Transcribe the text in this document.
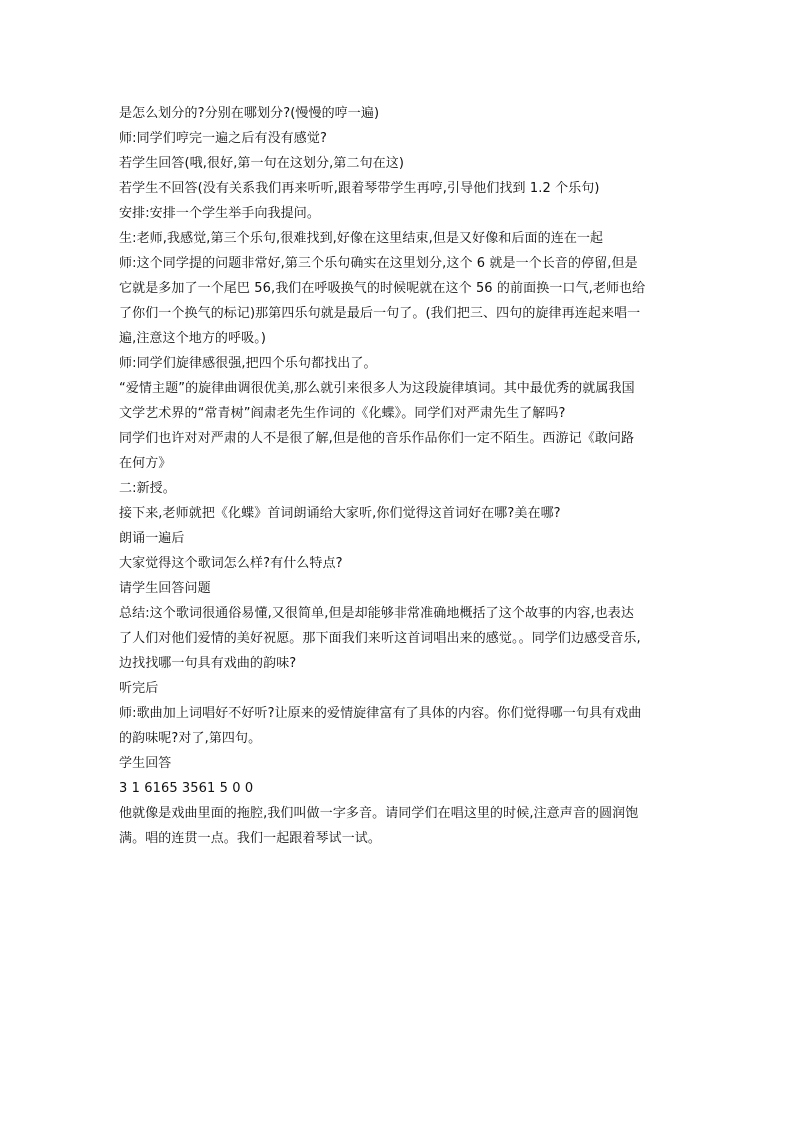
是怎么划分的?分别在哪划分?(慢慢的哼一遍)
师:同学们哼完一遍之后有没有感觉?
若学生回答(哦,很好,第一句在这划分,第二句在这)
若学生不回答(没有关系我们再来听听,跟着琴带学生再哼,引导他们找到 1.2 个乐句)
安排:安排一个学生举手向我提问。
生:老师,我感觉,第三个乐句,很难找到,好像在这里结束,但是又好像和后面的连在一起
师:这个同学提的问题非常好,第三个乐句确实在这里划分,这个 6 就是一个长音的停留,但是
它就是多加了一个尾巴 56,我们在呼吸换气的时候呢就在这个 56 的前面换一口气,老师也给
了你们一个换气的标记)那第四乐句就是最后一句了。(我们把三、四句的旋律再连起来唱一
遍,注意这个地方的呼吸。)
师:同学们旋律感很强,把四个乐句都找出了。
“爱情主题”的旋律曲调很优美,那么就引来很多人为这段旋律填词。其中最优秀的就属我国
文学艺术界的“常青树”阎肃老先生作词的《化蝶》。同学们对严肃先生了解吗?
同学们也许对对严肃的人不是很了解,但是他的音乐作品你们一定不陌生。西游记《敢问路
在何方》
二:新授。
接下来,老师就把《化蝶》首词朗诵给大家听,你们觉得这首词好在哪?美在哪?
朗诵一遍后
大家觉得这个歌词怎么样?有什么特点?
请学生回答问题
总结:这个歌词很通俗易懂,又很简单,但是却能够非常准确地概括了这个故事的内容,也表达
了人们对他们爱情的美好祝愿。那下面我们来听这首词唱出来的感觉。。同学们边感受音乐,
边找找哪一句具有戏曲的韵味?
听完后
师:歌曲加上词唱好不好听?让原来的爱情旋律富有了具体的内容。你们觉得哪一句具有戏曲
的韵味呢?对了,第四句。
学生回答
3 1 6165 3561 5 0 0
他就像是戏曲里面的拖腔,我们叫做一字多音。请同学们在唱这里的时候,注意声音的圆润饱
满。唱的连贯一点。我们一起跟着琴试一试。
